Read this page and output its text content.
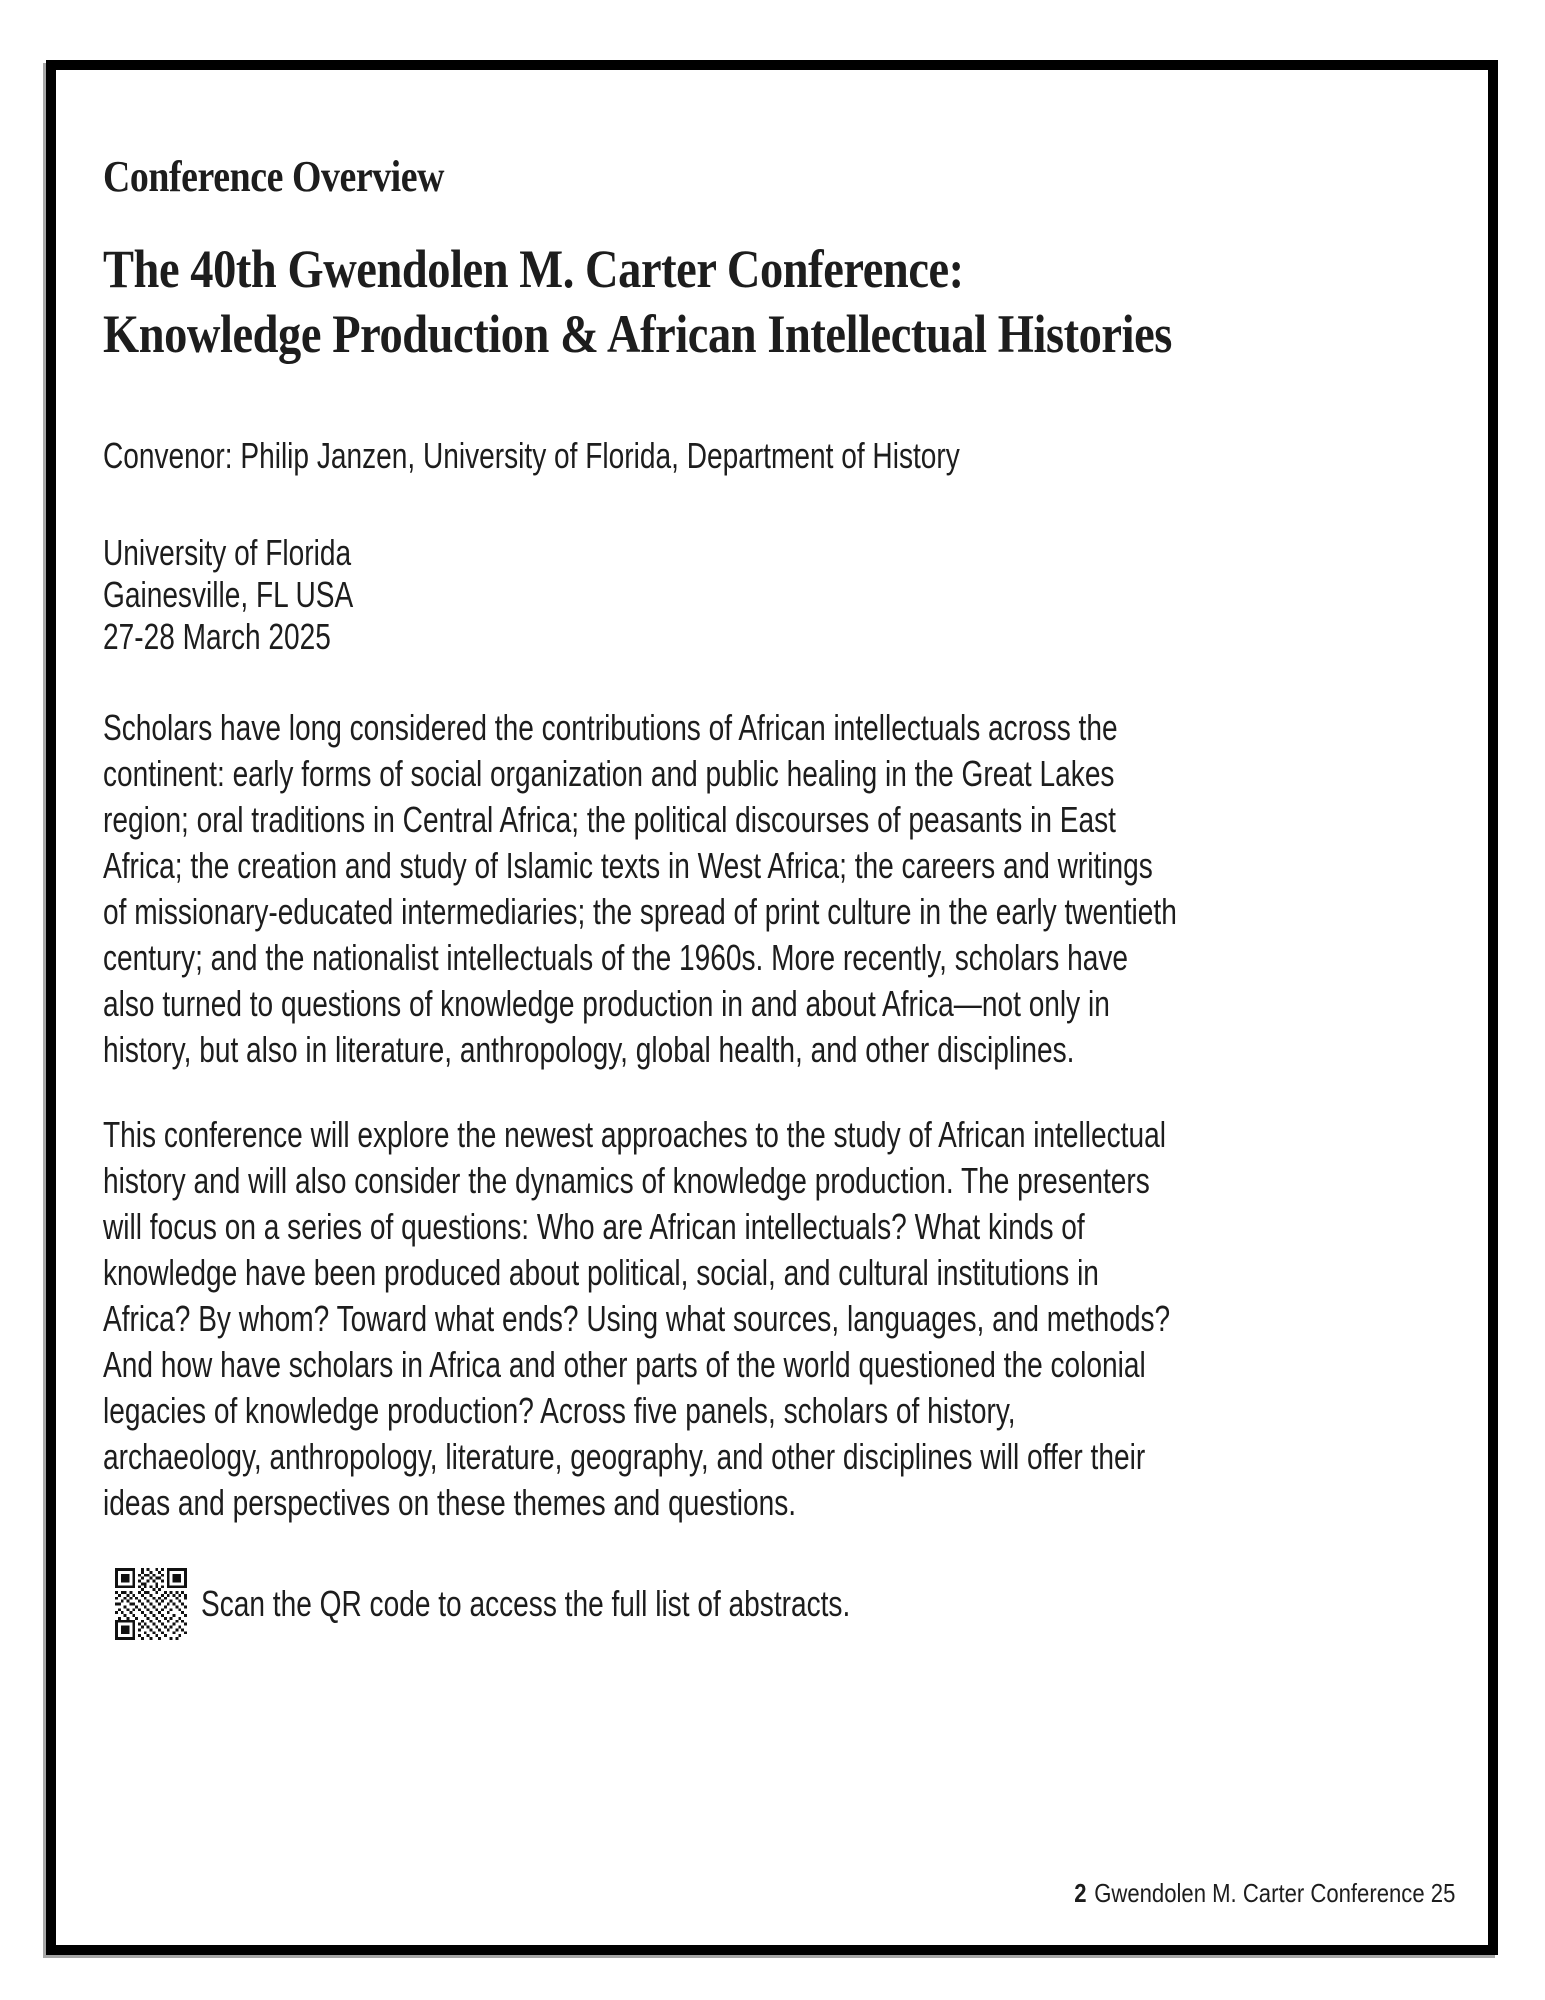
Conference Overview
The 40th Gwendolen M. Carter Conference:
Knowledge Production & African Intellectual Histories
Convenor: Philip Janzen, University of Florida, Department of History
University of Florida
Gainesville, FL USA
27-28 March 2025
Scholars have long considered the contributions of African intellectuals across the continent: early forms of social organization and public healing in the Great Lakes region; oral traditions in Central Africa; the political discourses of peasants in East Africa; the creation and study of Islamic texts in West Africa; the careers and writings of missionary-educated intermediaries; the spread of print culture in the early twentieth century; and the nationalist intellectuals of the 1960s. More recently, scholars have also turned to questions of knowledge production in and about Africa—not only in history, but also in literature, anthropology, global health, and other disciplines.
This conference will explore the newest approaches to the study of African intellectual history and will also consider the dynamics of knowledge production. The presenters will focus on a series of questions: Who are African intellectuals? What kinds of knowledge have been produced about political, social, and cultural institutions in Africa? By whom? Toward what ends? Using what sources, languages, and methods? And how have scholars in Africa and other parts of the world questioned the colonial legacies of knowledge production? Across five panels, scholars of history, archaeology, anthropology, literature, geography, and other disciplines will offer their ideas and perspectives on these themes and questions.
Scan the QR code to access the full list of abstracts.
2 Gwendolen M. Carter Conference 25
